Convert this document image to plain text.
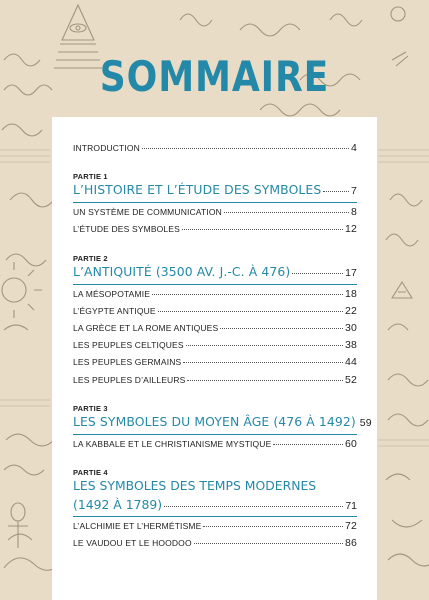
SOMMAIRE
INTRODUCTION	4
PARTIE 1
L’HISTOIRE ET L’ÉTUDE DES SYMBOLES	7
UN SYSTÈME DE COMMUNICATION	8
L’ÉTUDE DES SYMBOLES	12
PARTIE 2
L’ANTIQUITÉ (3500 AV. J.-C. À 476)	17
LA MÉSOPOTAMIE	18
L’ÉGYPTE ANTIQUE	22
LA GRÈCE ET LA ROME ANTIQUES	30
LES PEUPLES CELTIQUES	38
LES PEUPLES GERMAINS	44
LES PEUPLES D’AILLEURS	52
PARTIE 3
LES SYMBOLES DU MOYEN ÂGE (476 À 1492) 59
LA KABBALE ET LE CHRISTIANISME MYSTIQUE	60
PARTIE 4
LES SYMBOLES DES TEMPS MODERNES
(1492 À 1789)	71
L’ALCHIMIE ET L’HERMÉTISME	72
LE VAUDOU ET LE HOODOO	86
